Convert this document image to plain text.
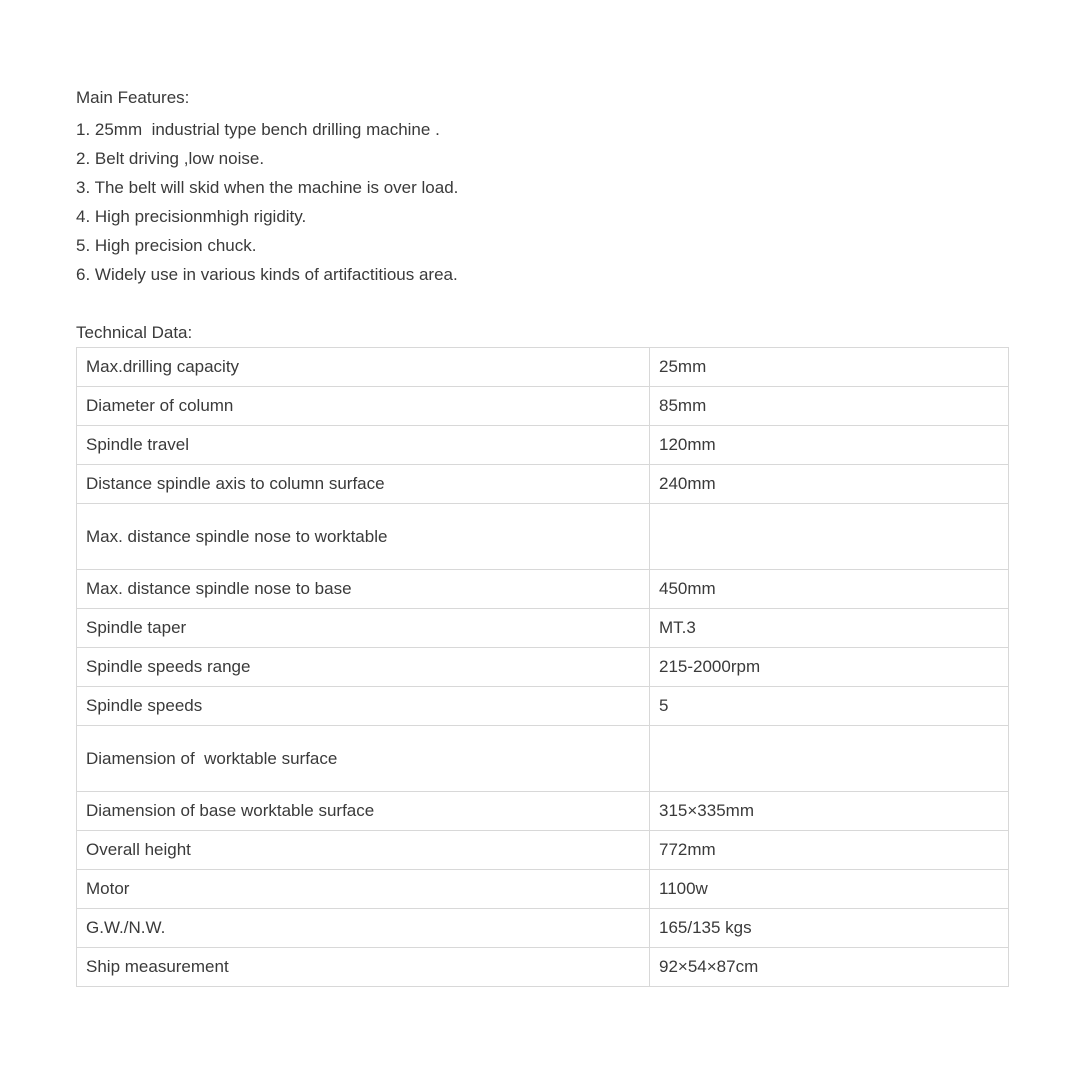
Main Features:
1. 25mm  industrial type bench drilling machine .
2. Belt driving ,low noise.
3. The belt will skid when the machine is over load.
4. High precisionmhigh rigidity.
5. High precision chuck.
6. Widely use in various kinds of artifactitious area.
Technical Data:
Max.drilling capacity	25mm
Diameter of column	85mm
Spindle travel	120mm
Distance spindle axis to column surface	240mm
Max. distance spindle nose to worktable	
Max. distance spindle nose to base	450mm
Spindle taper	MT.3
Spindle speeds range	215-2000rpm
Spindle speeds	5
Diamension of  worktable surface	
Diamension of base worktable surface	315×335mm
Overall height	772mm
Motor	1100w
G.W./N.W.	165/135 kgs
Ship measurement	92×54×87cm
